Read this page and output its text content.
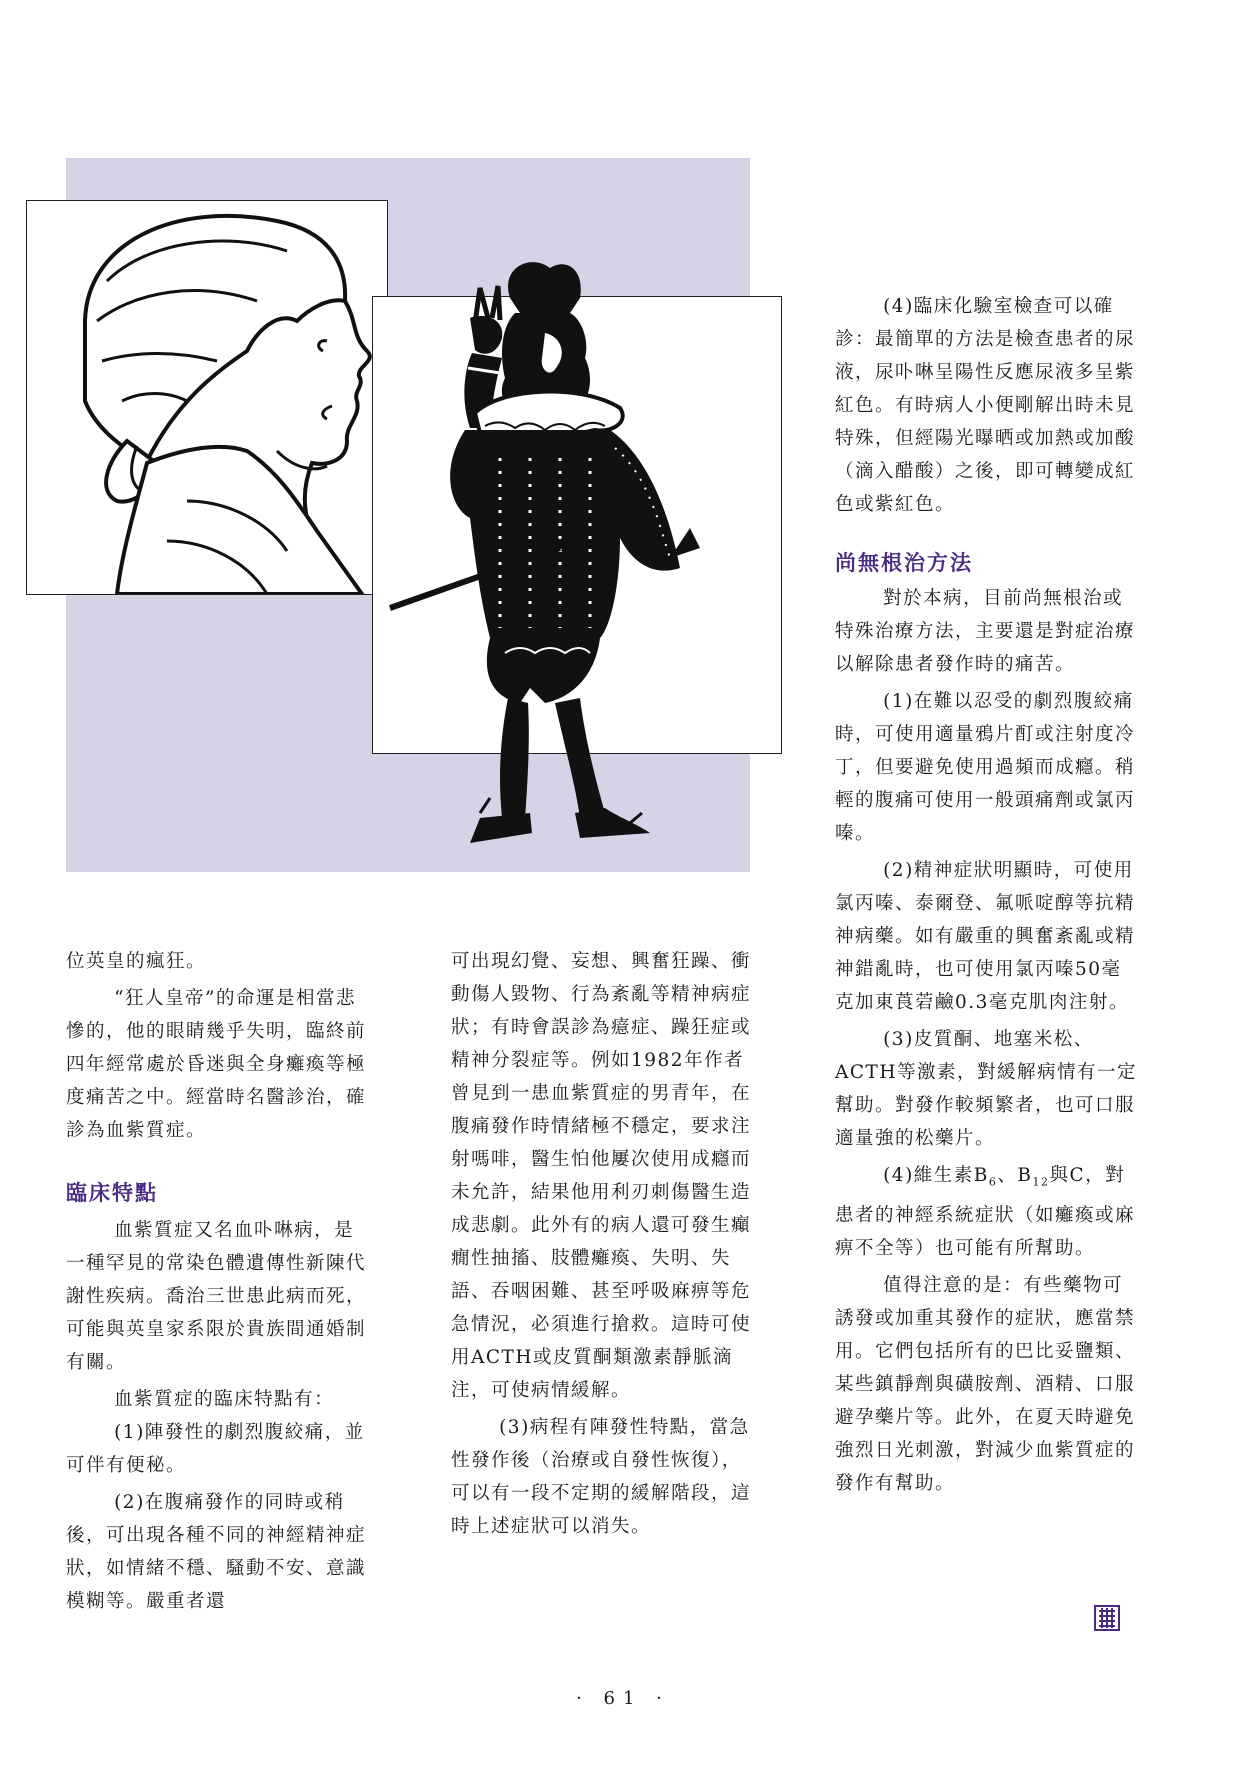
位英皇的瘋狂。

“狂人皇帝”的命運是相當悲慘的，他的眼睛幾乎失明，臨終前四年經常處於昏迷與全身癱瘓等極度痛苦之中。經當時名醫診治，確診為血紫質症。

臨床特點

血紫質症又名血卟啉病，是一種罕見的常染色體遺傳性新陳代謝性疾病。喬治三世患此病而死，可能與英皇家系限於貴族間通婚制有關。

血紫質症的臨床特點有：

(1)陣發性的劇烈腹絞痛，並可伴有便秘。

(2)在腹痛發作的同時或稍後，可出現各種不同的神經精神症狀，如情緒不穩、騷動不安、意識模糊等。嚴重者還

可出現幻覺、妄想、興奮狂躁、衝動傷人毀物、行為紊亂等精神病症狀；有時會誤診為癔症、躁狂症或精神分裂症等。例如1982年作者曾見到一患血紫質症的男青年，在腹痛發作時情緒極不穩定，要求注射嗎啡，醫生怕他屢次使用成癮而未允許，結果他用利刃刺傷醫生造成悲劇。此外有的病人還可發生癲癇性抽搐、肢體癱瘓、失明、失語、吞咽困難、甚至呼吸麻痹等危急情況，必須進行搶救。這時可使用ACTH或皮質酮類激素靜脈滴注，可使病情緩解。

(3)病程有陣發性特點，當急性發作後（治療或自發性恢復），可以有一段不定期的緩解階段，這時上述症狀可以消失。

(4)臨床化驗室檢查可以確診：最簡單的方法是檢查患者的尿液，尿卟啉呈陽性反應尿液多呈紫紅色。有時病人小便剛解出時未見特殊，但經陽光曝晒或加熱或加酸（滴入醋酸）之後，即可轉變成紅色或紫紅色。

尚無根治方法

對於本病，目前尚無根治或特殊治療方法，主要還是對症治療以解除患者發作時的痛苦。

(1)在難以忍受的劇烈腹絞痛時，可使用適量鴉片酊或注射度冷丁，但要避免使用過頻而成癮。稍輕的腹痛可使用一般頭痛劑或氯丙嗪。

(2)精神症狀明顯時，可使用氯丙嗪、泰爾登、氟哌啶醇等抗精神病藥。如有嚴重的興奮紊亂或精神錯亂時，也可使用氯丙嗪50毫克加東莨菪鹼0.3毫克肌肉注射。

(3)皮質酮、地塞米松、ACTH等激素，對緩解病情有一定幫助。對發作較頻繁者，也可口服適量強的松藥片。

(4)維生素$B_6$、$B_{12}$與C，對患者的神經系統症狀（如癱瘓或麻痹不全等）也可能有所幫助。

值得注意的是：有些藥物可誘發或加重其發作的症狀，應當禁用。它們包括所有的巴比妥鹽類、某些鎮靜劑與磺胺劑、酒精、口服避孕藥片等。此外，在夏天時避免強烈日光刺激，對減少血紫質症的發作有幫助。

· 61 ·
